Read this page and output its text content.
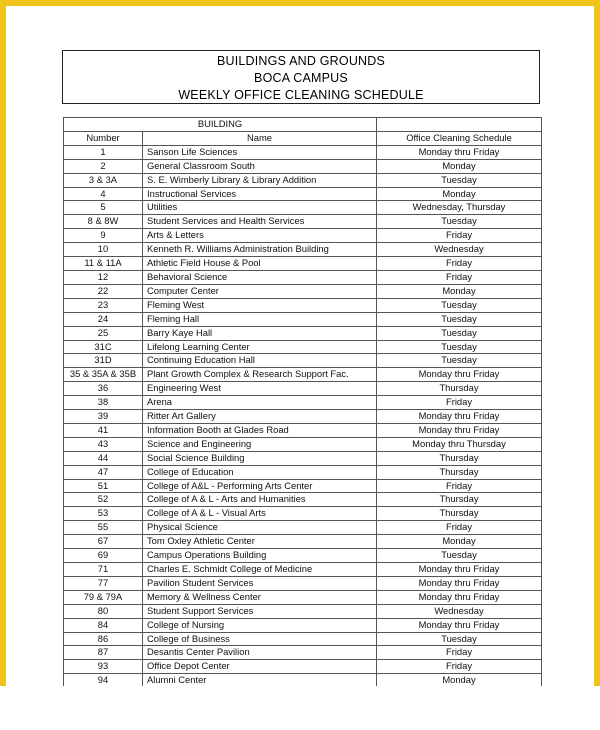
BUILDINGS AND GROUNDS
BOCA CAMPUS
WEEKLY OFFICE CLEANING SCHEDULE
BUILDING		
Number	Name	Office Cleaning Schedule
1	Sanson Life Sciences	Monday thru Friday
2	General Classroom South	Monday
3 & 3A	S. E. Wimberly Library & Library Addition	Tuesday
4	Instructional Services	Monday
5	Utilities	Wednesday, Thursday
8 & 8W	Student Services and Health Services	Tuesday
9	Arts & Letters	Friday
10	Kenneth R. Williams Administration Building	Wednesday
11 & 11A	Athletic Field House & Pool	Friday
12	Behavioral Science	Friday
22	Computer Center	Monday
23	Fleming West	Tuesday
24	Fleming Hall	Tuesday
25	Barry Kaye Hall	Tuesday
31C	Lifelong Learning Center	Tuesday
31D	Continuing Education Hall	Tuesday
35 & 35A & 35B	Plant Growth Complex & Research Support Fac.	Monday thru Friday
36	Engineering West	Thursday
38	Arena	Friday
39	Ritter Art Gallery	Monday thru Friday
41	Information Booth at Glades Road	Monday thru Friday
43	Science and Engineering	Monday thru Thursday
44	Social Science Building	Thursday
47	College of Education	Thursday
51	College of A&L - Performing Arts Center	Friday
52	College of A & L - Arts and Humanities	Thursday
53	College of A & L - Visual Arts	Thursday
55	Physical Science	Friday
67	Tom Oxley Athletic Center	Monday
69	Campus Operations Building	Tuesday
71	Charles E. Schmidt College of Medicine	Monday thru Friday
77	Pavilion Student Services	Monday thru Friday
79 & 79A	Memory & Wellness Center	Monday thru Friday
80	Student Support Services	Wednesday
84	College of Nursing	Monday thru Friday
86	College of Business	Tuesday
87	Desantis Center Pavilion	Friday
93	Office Depot Center	Friday
94	Alumni Center	Monday
